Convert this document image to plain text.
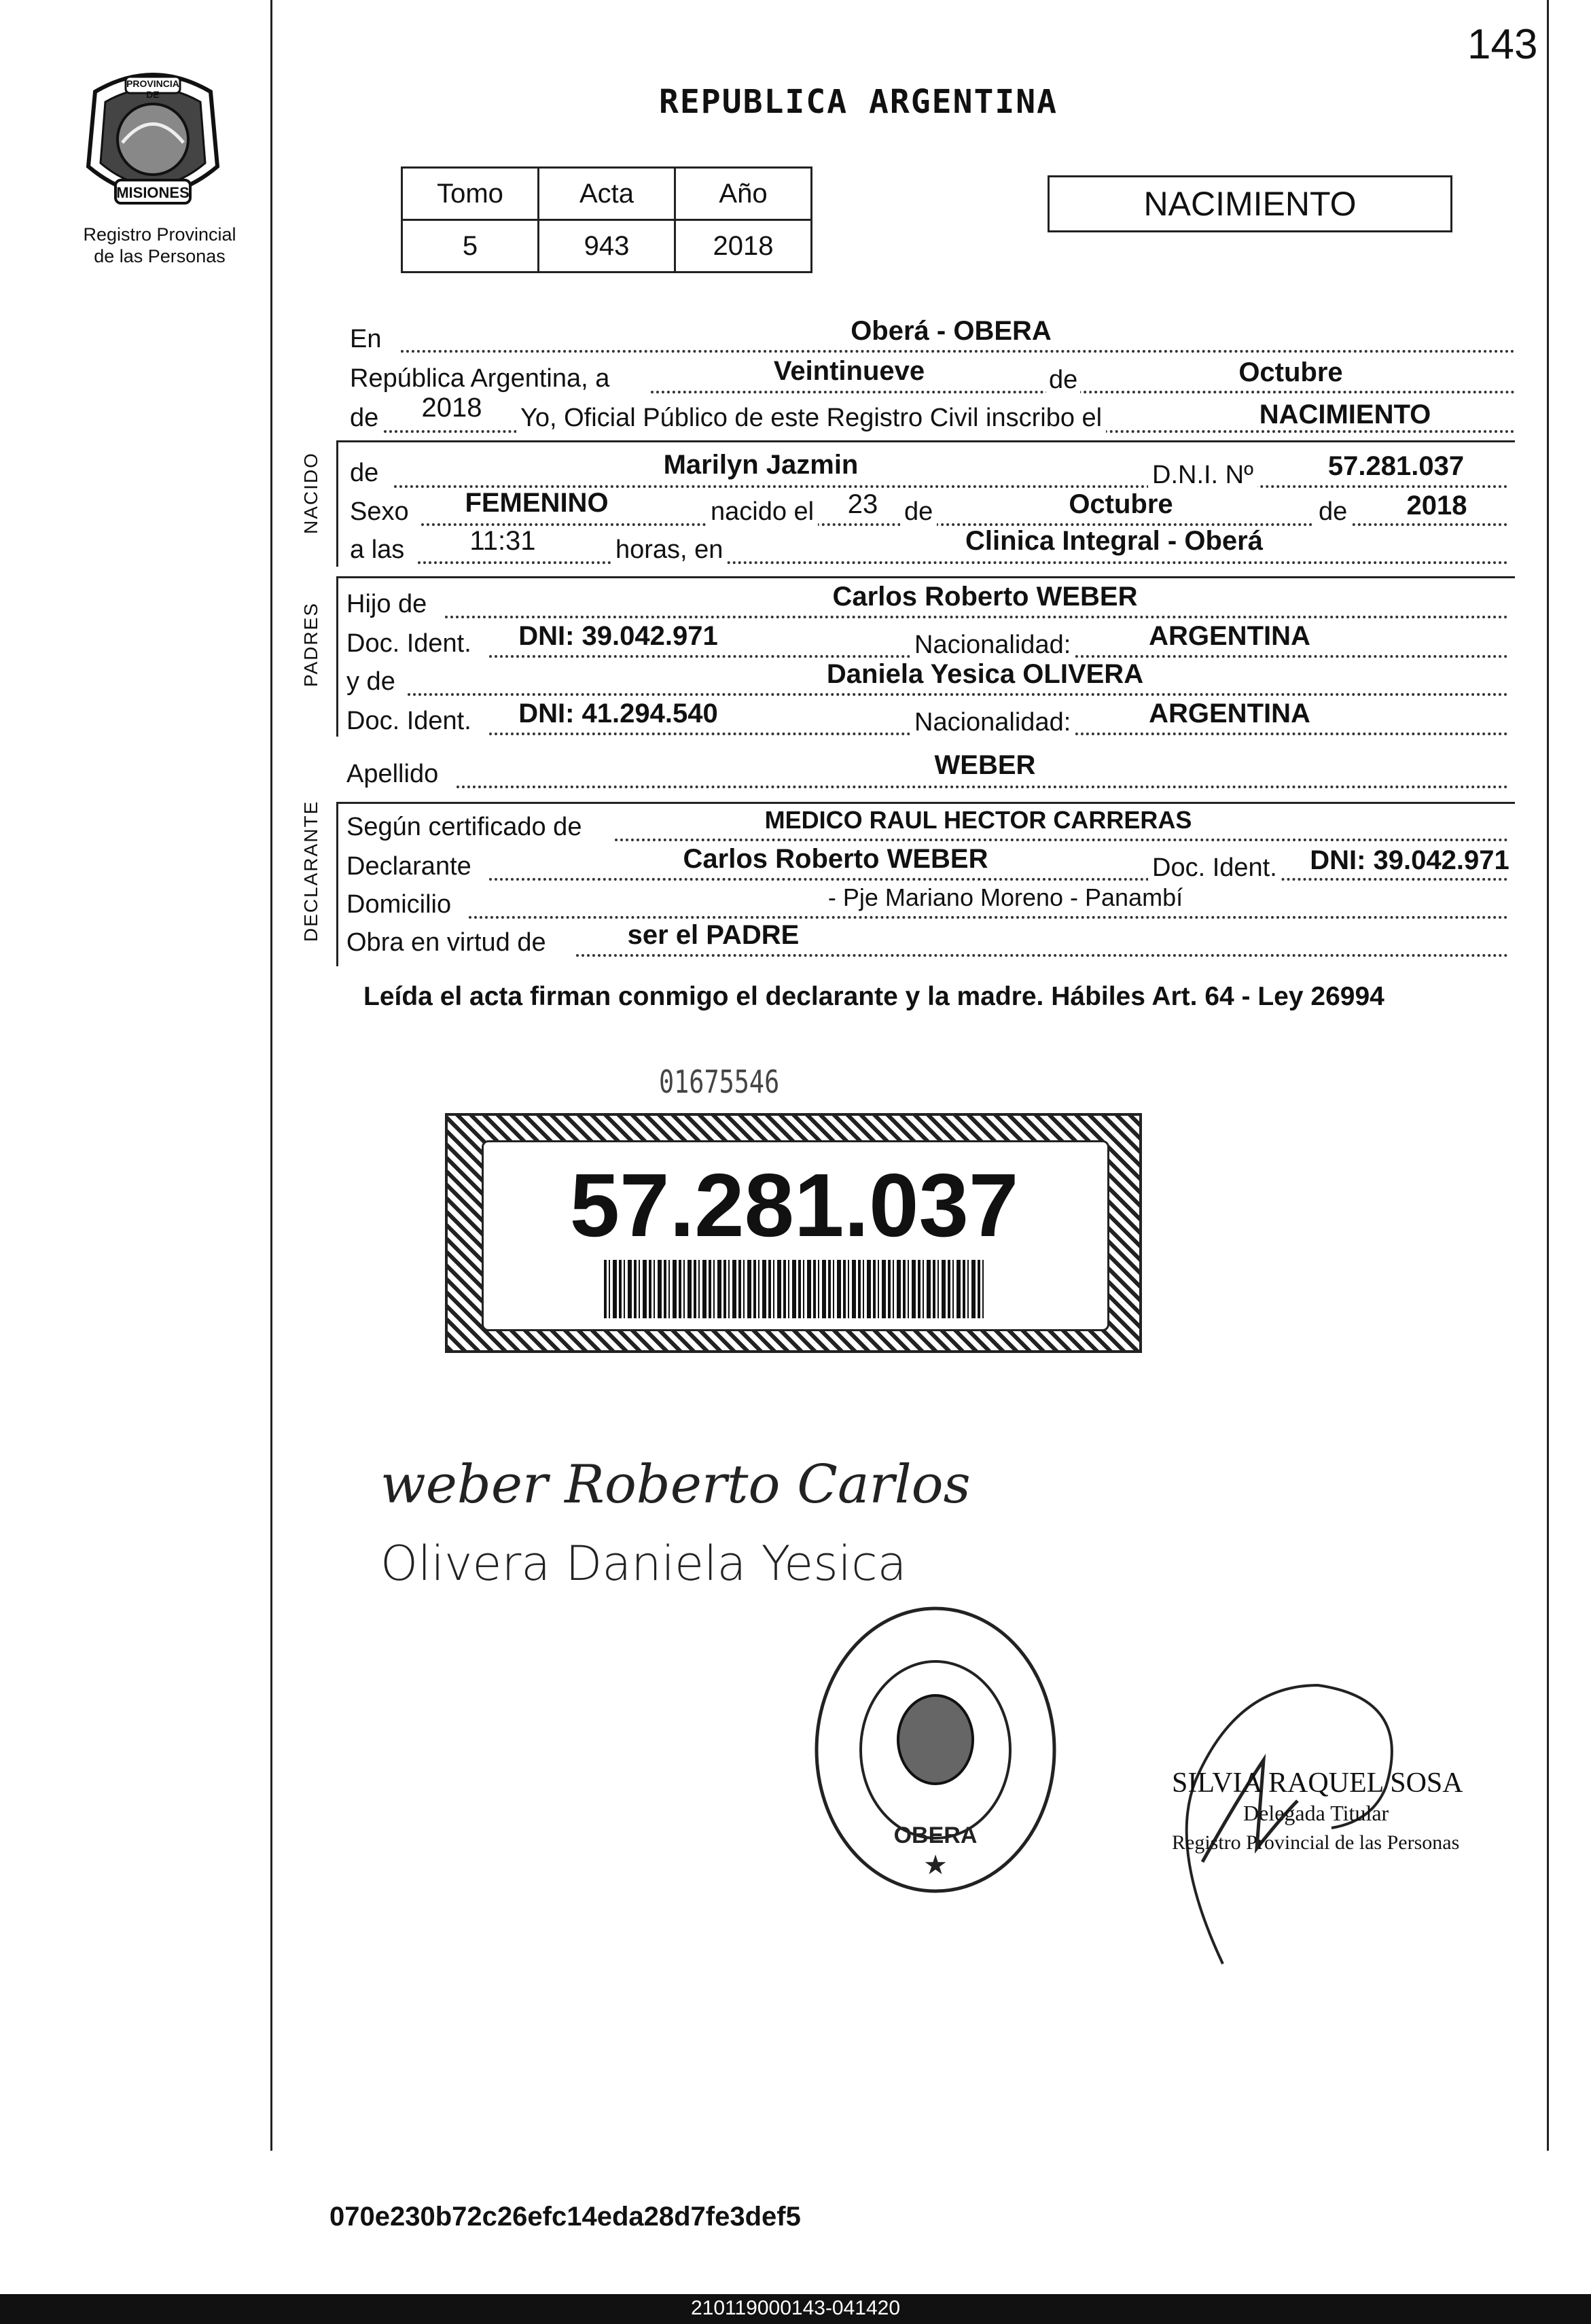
143
PROVINCIA DE
MISIONES
Registro Provincial
de las Personas
REPUBLICA ARGENTINA
Tomo	Acta	Año
5	943	2018
NACIMIENTO
En	Oberá - OBERA
República Argentina, a	Veintinueve	de	Octubre
de	2018	Yo, Oficial Público de este Registro Civil inscribo el	NACIMIENTO
NACIDO de	Marilyn Jazmin	D.N.I. Nº	57.281.037
Sexo	FEMENINO	nacido el	23	de	Octubre	de	2018
a las 11:31	horas, en	Clinica Integral - Oberá
PADRES Hijo de	Carlos Roberto WEBER
Doc. Ident.	DNI: 39.042.971	Nacionalidad:	ARGENTINA
y de	Daniela Yesica OLIVERA
Doc. Ident.	DNI: 41.294.540	Nacionalidad:	ARGENTINA
Apellido	WEBER
DECLARANTE Según certificado de	MEDICO RAUL HECTOR CARRERAS
Declarante	Carlos Roberto WEBER	Doc. Ident.	DNI: 39.042.971
Domicilio	- Pje Mariano Moreno - Panambí
Obra en virtud de	ser el PADRE
Leída el acta firman conmigo el declarante y la madre. Hábiles Art. 64 - Ley 26994
01675546
57.281.037
weber Roberto Carlos
Olivera Daniela Yesica
OBERA
★
SILVIA RAQUEL SOSA
Delegada Titular
Registro Provincial de las Personas
070e230b72c26efc14eda28d7fe3def5
210119000143-041420
